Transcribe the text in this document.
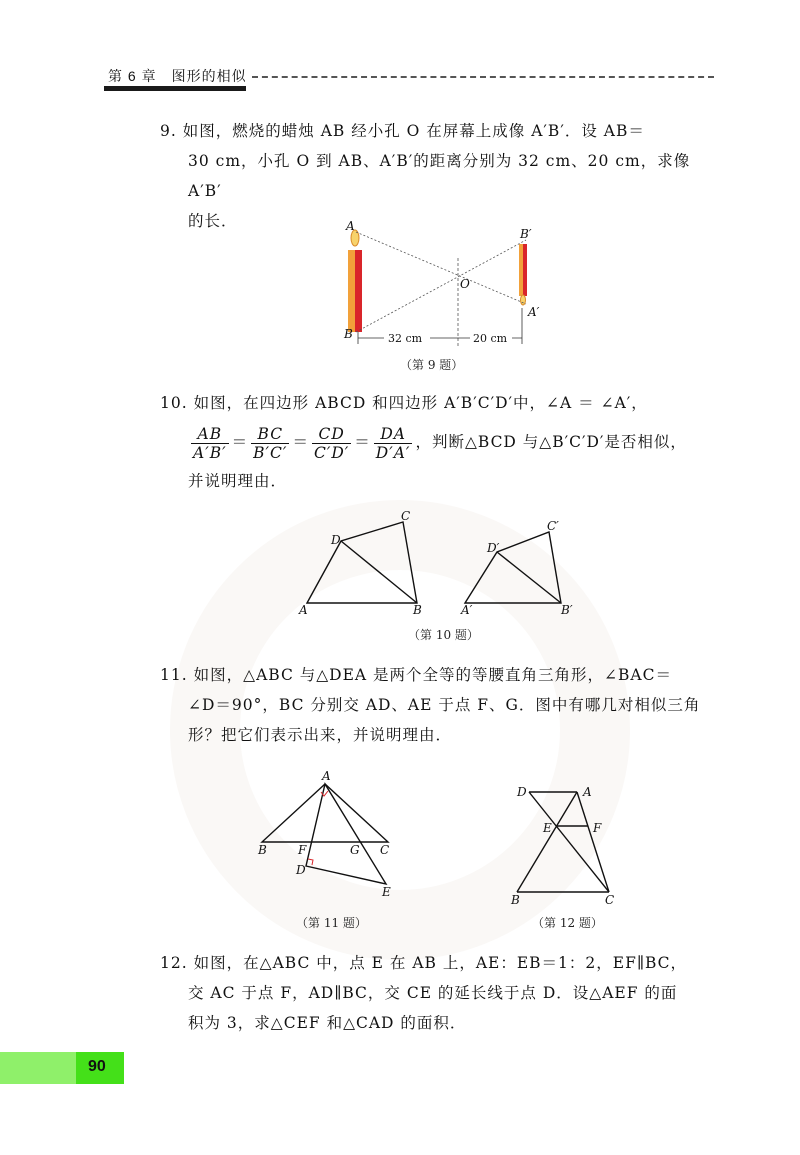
第 6 章　图形的相似

9. 如图，燃烧的蜡烛 AB 经小孔 O 在屏幕上成像 A′B′．设 AB＝

30 cm，小孔 O 到 AB、A′B′的距离分别为 32 cm、20 cm，求像A′B′

的长．

32 cm	20 cm
A
B
O
B′
A′
（第 9 题）

10. 如图，在四边形 ABCD 和四边形 A′B′C′D′中，∠A ＝ ∠A′，

$\frac{AB}{A'B'} = \frac{BC}{B'C'} = \frac{CD}{C'D'} = \frac{DA}{D'A'}$ ，判断△BCD 与△B′C′D′是否相似，

并说明理由．

A	B
C
D
A′	B′
C′
D′
（第 10 题）

11. 如图，△ABC 与△DEA 是两个全等的等腰直角三角形，∠BAC＝

∠D＝90°，BC 分别交 AD、AE 于点 F、G．图中有哪几对相似三角

形？把它们表示出来，并说明理由．

A
B	C
D
E
F	G
（第 11 题）
D	A
E	F
B	C
（第 12 题）

12. 如图，在△ABC 中，点 E 在 AB 上，AE：EB＝1：2，EF∥BC，

交 AC 于点 F，AD∥BC，交 CE 的延长线于点 D．设△AEF 的面

积为 3，求△CEF 和△CAD 的面积．

90
